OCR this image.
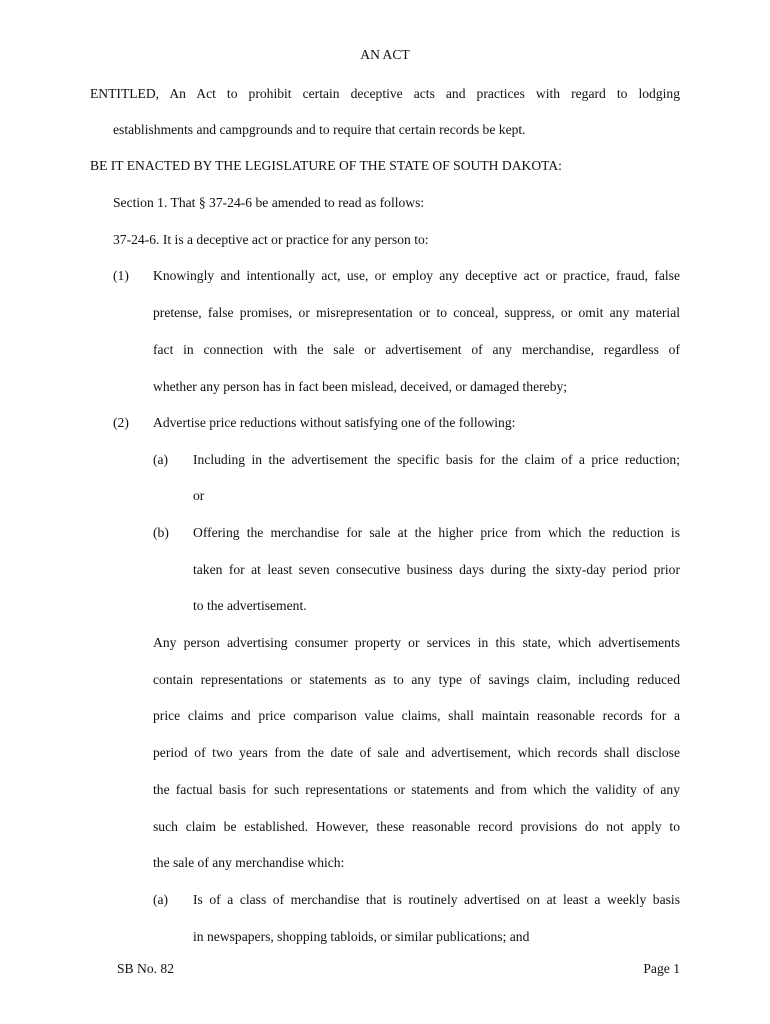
AN ACT
ENTITLED, An Act to prohibit certain deceptive acts and practices with regard to lodging
establishments and campgrounds and to require that certain records be kept.
BE IT ENACTED BY THE LEGISLATURE OF THE STATE OF SOUTH DAKOTA:
Section 1. That § 37-24-6 be amended to read as follows:
37-24-6. It is a deceptive act or practice for any person to:
(1) Knowingly and intentionally act, use, or employ any deceptive act or practice, fraud, false
pretense, false promises, or misrepresentation or to conceal, suppress, or omit any material
fact in connection with the sale or advertisement of any merchandise, regardless of
whether any person has in fact been mislead, deceived, or damaged thereby;
(2) Advertise price reductions without satisfying one of the following:
(a) Including in the advertisement the specific basis for the claim of a price reduction;
or
(b) Offering the merchandise for sale at the higher price from which the reduction is
taken for at least seven consecutive business days during the sixty-day period prior
to the advertisement.
Any person advertising consumer property or services in this state, which advertisements
contain representations or statements as to any type of savings claim, including reduced
price claims and price comparison value claims, shall maintain reasonable records for a
period of two years from the date of sale and advertisement, which records shall disclose
the factual basis for such representations or statements and from which the validity of any
such claim be established. However, these reasonable record provisions do not apply to
the sale of any merchandise which:
(a) Is of a class of merchandise that is routinely advertised on at least a weekly basis
in newspapers, shopping tabloids, or similar publications; and
SB No. 82	Page 1
